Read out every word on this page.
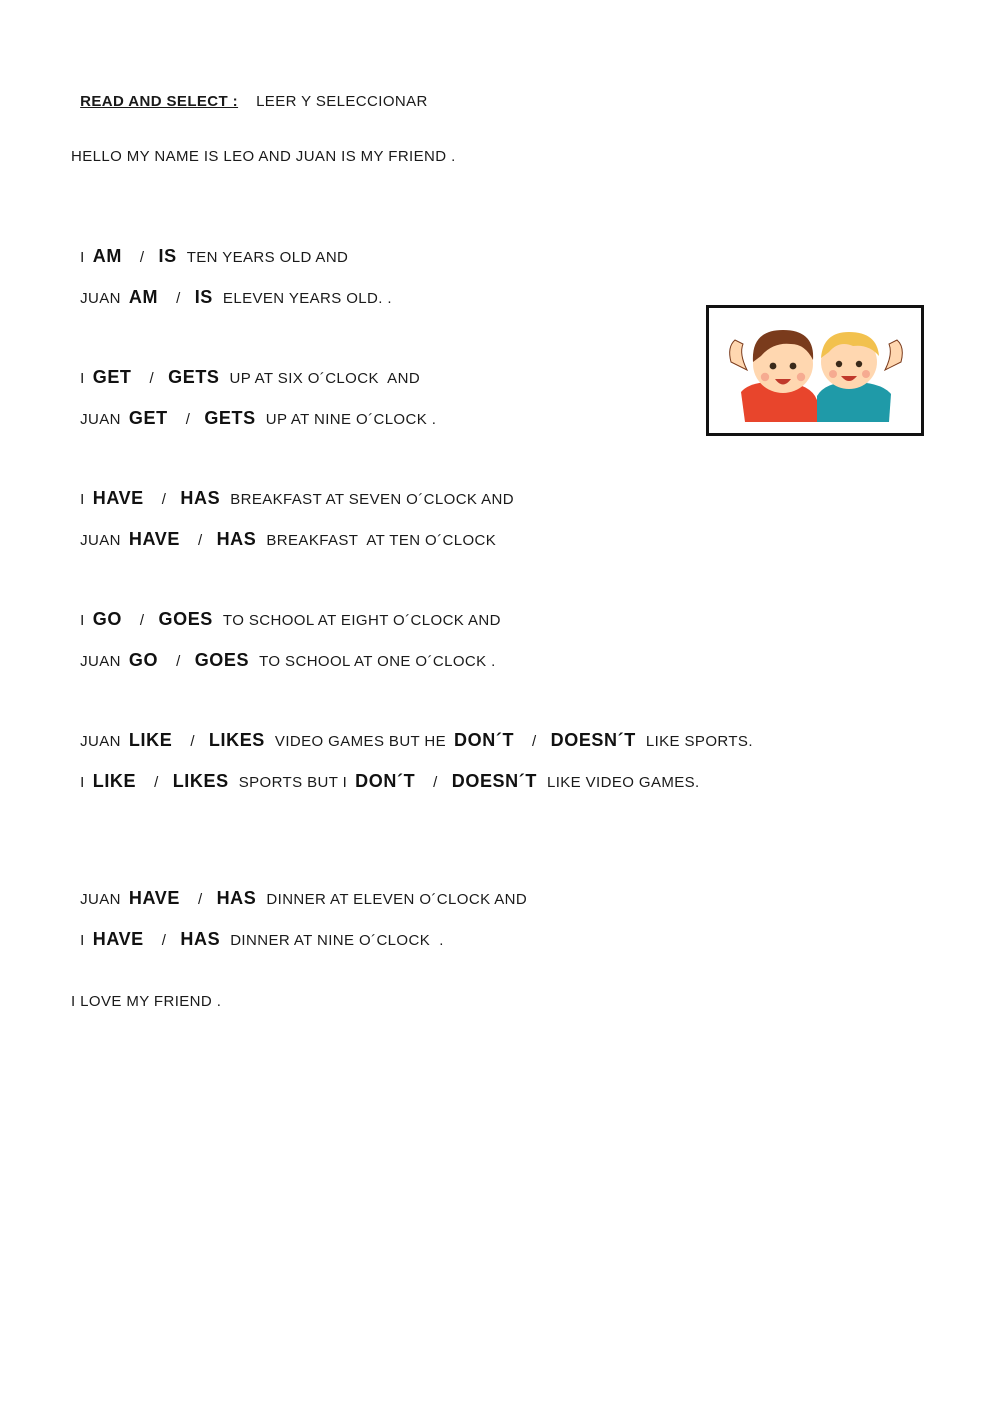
READ AND SELECT : LEER Y SELECCIONAR

HELLO MY NAME IS LEO AND JUAN IS MY FRIEND .

I AM / IS TEN YEARS OLD AND

JUAN AM / IS ELEVEN YEARS OLD. .

I GET / GETS UP AT SIX O´CLOCK  AND

JUAN GET / GETS UP AT NINE O´CLOCK .

I HAVE / HAS BREAKFAST AT SEVEN O´CLOCK AND

JUAN HAVE / HAS BREAKFAST  AT TEN O´CLOCK

I GO / GOES TO SCHOOL AT EIGHT O´CLOCK AND

JUAN GO / GOES TO SCHOOL AT ONE O´CLOCK .

JUAN LIKE / LIKES VIDEO GAMES BUT HE DON´T / DOESN´T LIKE SPORTS.

I LIKE / LIKES SPORTS BUT I DON´T / DOESN´T LIKE VIDEO GAMES.

JUAN HAVE / HAS DINNER AT ELEVEN O´CLOCK AND

I HAVE / HAS DINNER AT NINE O´CLOCK  .

I LOVE MY FRIEND .
